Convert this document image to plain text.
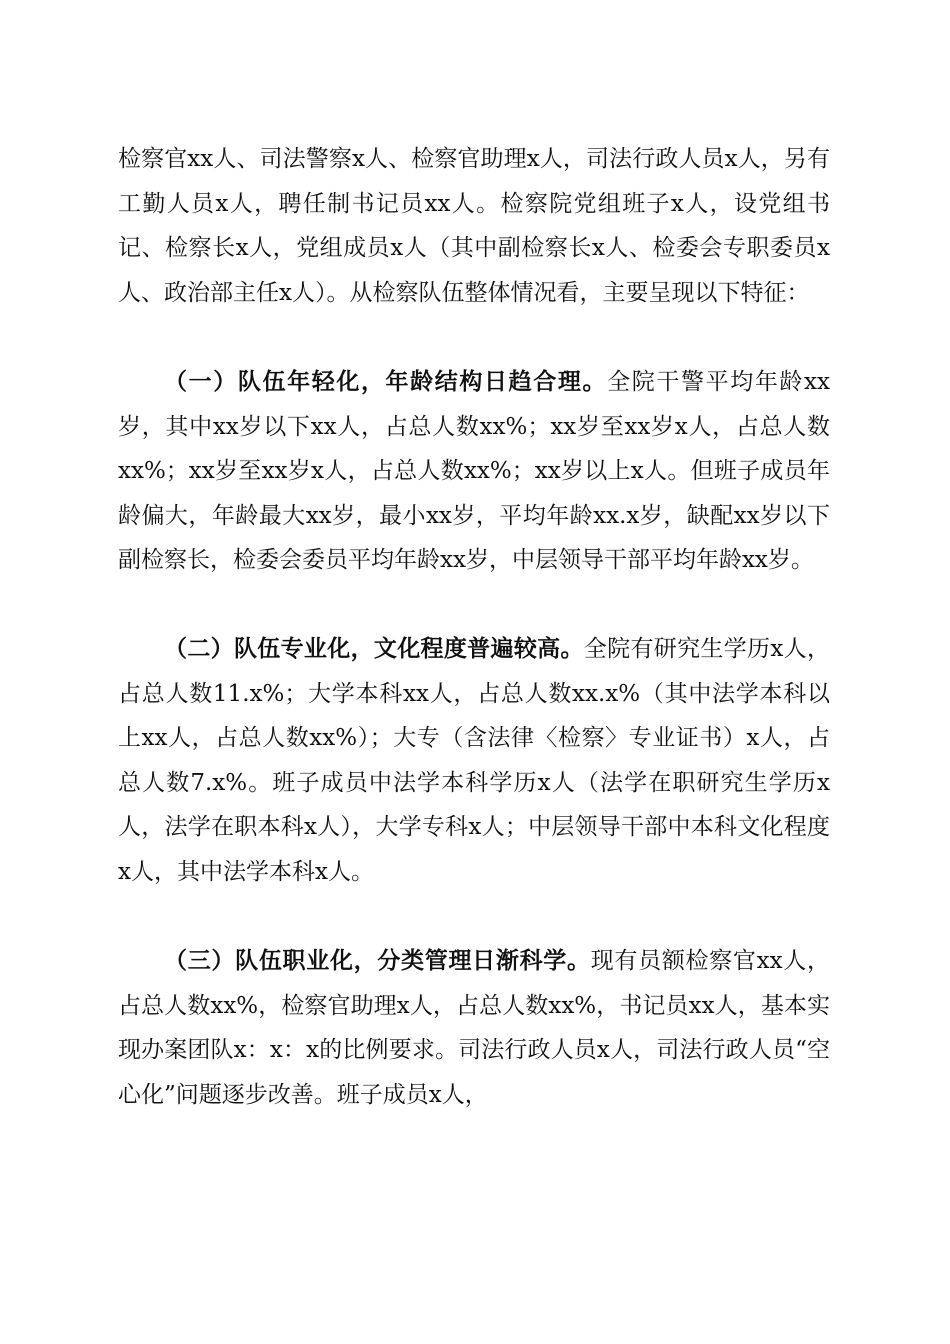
检察官xx人、司法警察x人、检察官助理x人，司法行政人员x人，另有工勤人员x人，聘任制书记员xx人。检察院党组班子x人，设党组书记、检察长x人，党组成员x人（其中副检察长x人、检委会专职委员x人、政治部主任x人）。从检察队伍整体情况看，主要呈现以下特征：

（一）队伍年轻化，年龄结构日趋合理。全院干警平均年龄xx岁，其中xx岁以下xx人，占总人数xx%；xx岁至xx岁x人，占总人数xx%；xx岁至xx岁x人，占总人数xx%；xx岁以上x人。但班子成员年龄偏大，年龄最大xx岁，最小xx岁，平均年龄xx.x岁，缺配xx岁以下副检察长，检委会委员平均年龄xx岁，中层领导干部平均年龄xx岁。

（二）队伍专业化，文化程度普遍较高。全院有研究生学历x人，占总人数11.x%；大学本科xx人，占总人数xx.x%（其中法学本科以上xx人，占总人数xx%）；大专（含法律〈检察〉专业证书）x人，占总人数7.x%。班子成员中法学本科学历x人（法学在职研究生学历x人，法学在职本科x人），大学专科x人；中层领导干部中本科文化程度x人，其中法学本科x人。

（三）队伍职业化，分类管理日渐科学。现有员额检察官xx人，占总人数xx%，检察官助理x人，占总人数xx%，书记员xx人，基本实现办案团队x：x：x的比例要求。司法行政人员x人，司法行政人员“空心化”问题逐步改善。班子成员x人，
